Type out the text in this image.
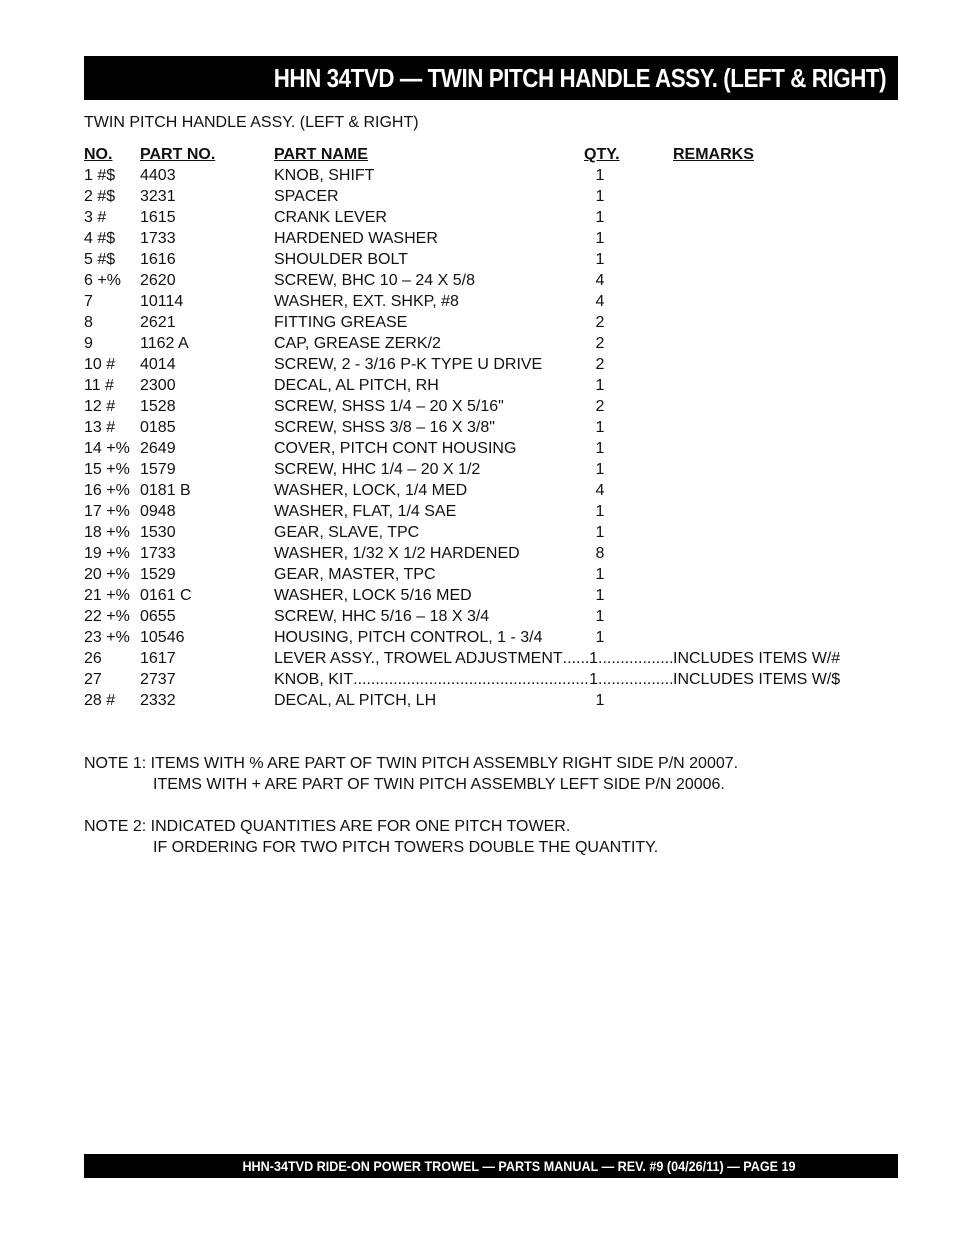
HHN 34TVD — TWIN PITCH HANDLE ASSY. (LEFT & RIGHT)
TWIN PITCH HANDLE ASSY. (LEFT & RIGHT)
NO. PART NO.	PART NAME	QTY.	REMARKS
1 #$ 4403	KNOB, SHIFT	1
2 #$ 3231	SPACER	1
3 # 1615	CRANK LEVER	1
4 #$ 1733	HARDENED WASHER	1
5 #$ 1616	SHOULDER BOLT	1
6 +% 2620	SCREW, BHC 10 – 24 X 5/8	4
7	10114	WASHER, EXT. SHKP, #8	4
8	2621	FITTING GREASE	2
9	1162 A	CAP, GREASE ZERK/2	2
10 # 4014	SCREW, 2 - 3/16 P-K TYPE U DRIVE	2
11 # 2300	DECAL, AL PITCH, RH	1
12 # 1528	SCREW, SHSS 1/4 – 20 X 5/16"	2
13 # 0185	SCREW, SHSS 3/8 – 16 X 3/8"	1
14 +% 2649	COVER, PITCH CONT HOUSING	1
15 +% 1579	SCREW, HHC 1/4 – 20 X 1/2	1
16 +% 0181 B	WASHER, LOCK, 1/4 MED	4
17 +% 0948	WASHER, FLAT, 1/4 SAE	1
18 +% 1530	GEAR, SLAVE, TPC	1
19 +% 1733	WASHER, 1/32 X 1/2 HARDENED	8
20 +% 1529	GEAR, MASTER, TPC	1
21 +% 0161 C	WASHER, LOCK 5/16 MED	1
22 +% 0655	SCREW, HHC 5/16 – 18 X 3/4	1
23 +% 10546	HOUSING, PITCH CONTROL, 1 - 3/4	1
26 1617	LEVER ASSY., TROWEL ADJUSTMENT ..... 1 .....	INCLUDES ITEMS W/#
27 2737	KNOB, KIT .....	1 .....	INCLUDES ITEMS W/$
28 # 2332	DECAL, AL PITCH, LH	1
NOTE 1: ITEMS WITH % ARE PART OF TWIN PITCH ASSEMBLY RIGHT SIDE P/N 20007.
ITEMS WITH + ARE PART OF TWIN PITCH ASSEMBLY LEFT SIDE P/N 20006.
NOTE 2: INDICATED QUANTITIES ARE FOR ONE PITCH TOWER.
IF ORDERING FOR TWO PITCH TOWERS DOUBLE THE QUANTITY.
HHN-34TVD RIDE-ON POWER TROWEL — PARTS MANUAL — REV. #9 (04/26/11) — PAGE 19
